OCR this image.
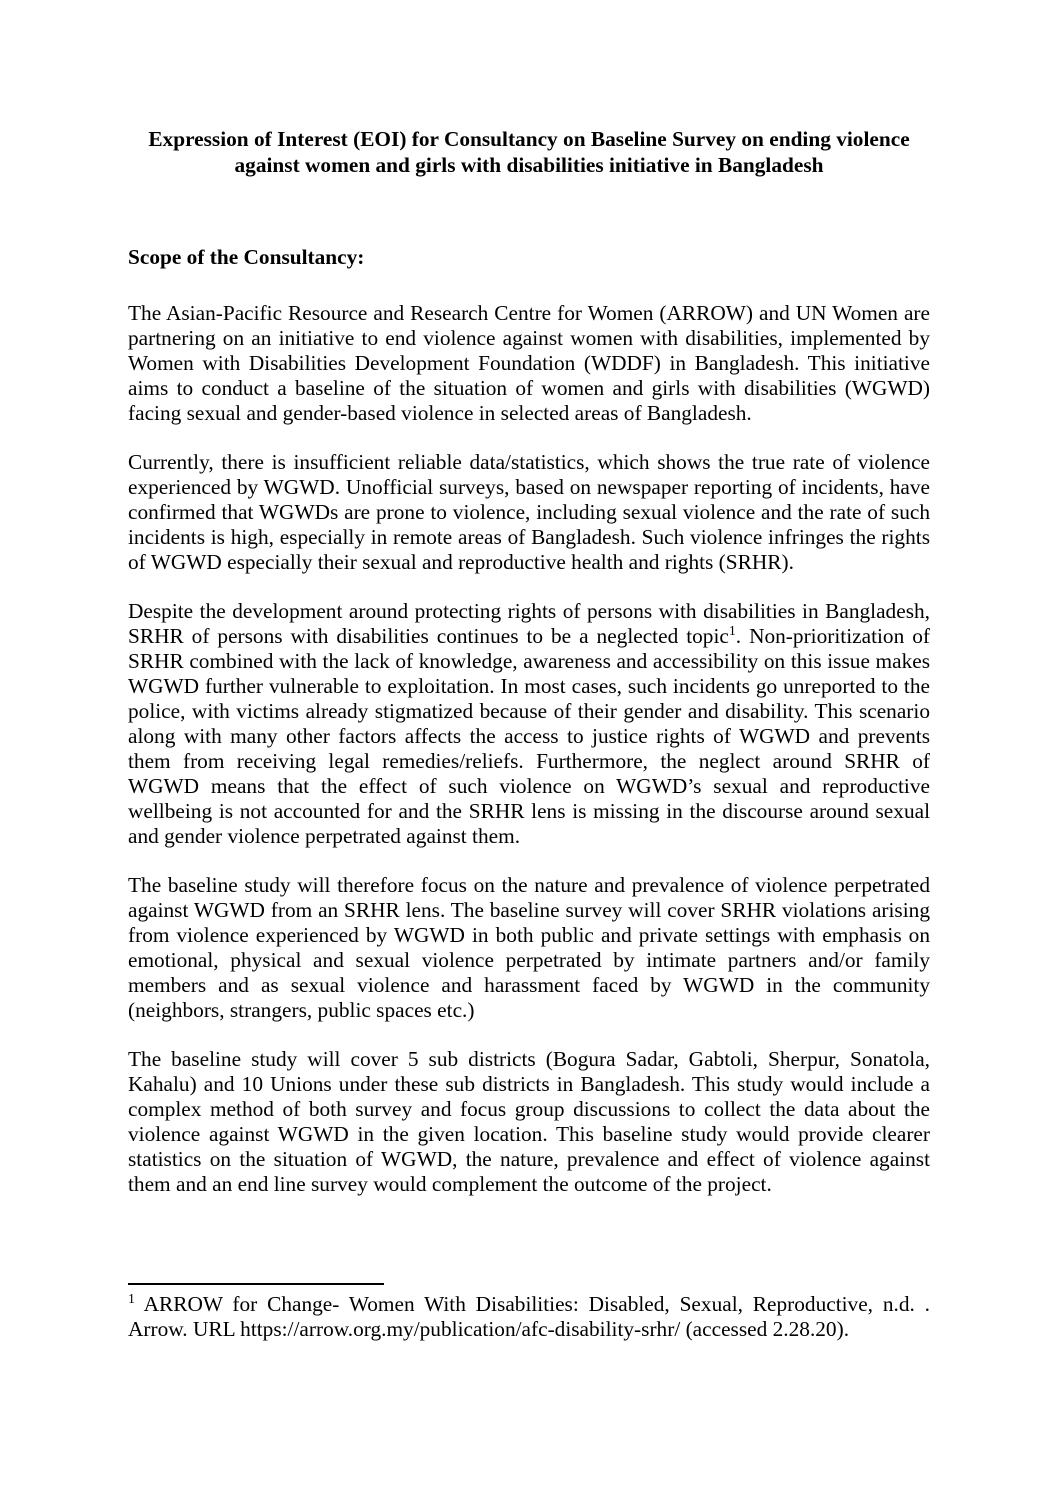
Expression of Interest (EOI) for Consultancy on Baseline Survey on ending violence against women and girls with disabilities initiative in Bangladesh
Scope of the Consultancy:

The Asian-Pacific Resource and Research Centre for Women (ARROW) and UN Women are partnering on an initiative to end violence against women with disabilities, implemented by Women with Disabilities Development Foundation (WDDF) in Bangladesh. This initiative aims to conduct a baseline of the situation of women and girls with disabilities (WGWD) facing sexual and gender-based violence in selected areas of Bangladesh.

Currently, there is insufficient reliable data/statistics, which shows the true rate of violence experienced by WGWD. Unofficial surveys, based on newspaper reporting of incidents, have confirmed that WGWDs are prone to violence, including sexual violence and the rate of such incidents is high, especially in remote areas of Bangladesh. Such violence infringes the rights of WGWD especially their sexual and reproductive health and rights (SRHR).

Despite the development around protecting rights of persons with disabilities in Bangladesh, SRHR of persons with disabilities continues to be a neglected topic$^1$. Non-prioritization of SRHR combined with the lack of knowledge, awareness and accessibility on this issue makes WGWD further vulnerable to exploitation. In most cases, such incidents go unreported to the police, with victims already stigmatized because of their gender and disability. This scenario along with many other factors affects the access to justice rights of WGWD and prevents them from receiving legal remedies/reliefs. Furthermore, the neglect around SRHR of WGWD means that the effect of such violence on WGWD’s sexual and reproductive wellbeing is not accounted for and the SRHR lens is missing in the discourse around sexual and gender violence perpetrated against them.

The baseline study will therefore focus on the nature and prevalence of violence perpetrated against WGWD from an SRHR lens. The baseline survey will cover SRHR violations arising from violence experienced by WGWD in both public and private settings with emphasis on emotional, physical and sexual violence perpetrated by intimate partners and/or family members and as sexual violence and harassment faced by WGWD in the community (neighbors, strangers, public spaces etc.)

The baseline study will cover 5 sub districts (Bogura Sadar, Gabtoli, Sherpur, Sonatola, Kahalu) and 10 Unions under these sub districts in Bangladesh. This study would include a complex method of both survey and focus group discussions to collect the data about the violence against WGWD in the given location. This baseline study would provide clearer statistics on the situation of WGWD, the nature, prevalence and effect of violence against them and an end line survey would complement the outcome of the project.

$^1$ ARROW for Change- Women With Disabilities: Disabled, Sexual, Reproductive, n.d. . Arrow. URL https://arrow.org.my/publication/afc-disability-srhr/ (accessed 2.28.20).
